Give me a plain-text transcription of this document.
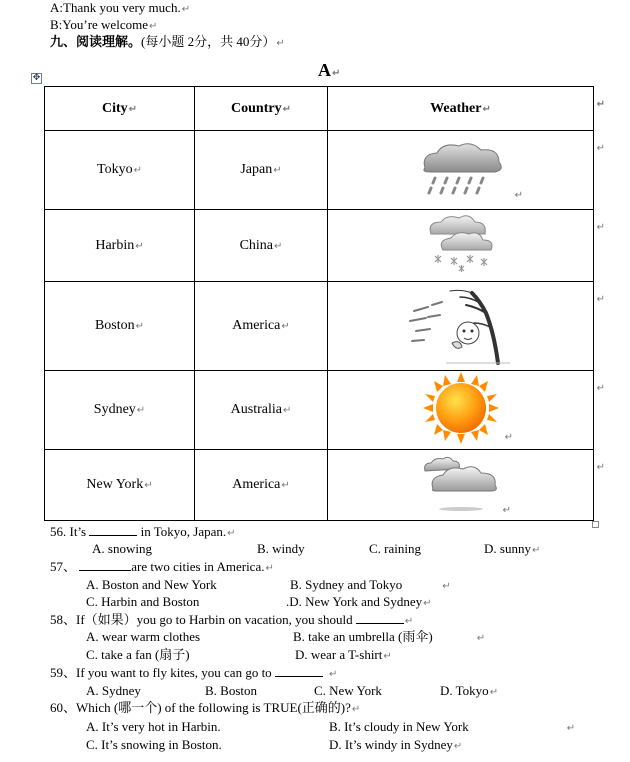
A:Thank you very much.↵
B:You’re welcome↵
九、阅读理解。(每小题 2分，共 40分）↵
A↵
✥
City↵	Country↵	Weather↵ ↵

Tokyo↵	Japan↵	↵
↵

Harbin↵	China↵	↵

Boston↵	America↵	↵

Sydney↵	Australia↵	↵
↵

New York↵	America↵	↵
↵
56. It’s	in Tokyo, Japan.↵
A. snowing	B. windy	C. raining	D. sunny↵
57、	are two cities in America.↵
A. Boston and New York	B. Sydney and Tokyo	↵
C. Harbin and Boston	.D. New York and Sydney↵
58、If（如果）you go to Harbin on vacation, you should	↵
A. wear warm clothes	B. take an umbrella (雨伞)	↵
C. take a fan (扇子)	D. wear a T-shirt↵
59、If you want to fly kites, you can go to	↵
A. Sydney	B. Boston	C. New York	D. Tokyo↵
60、Which (哪一个) of the following is TRUE(正确的)?↵
A. It’s very hot in Harbin.	B. It’s cloudy in New York	↵
C. It’s snowing in Boston.	D. It’s windy in Sydney↵
